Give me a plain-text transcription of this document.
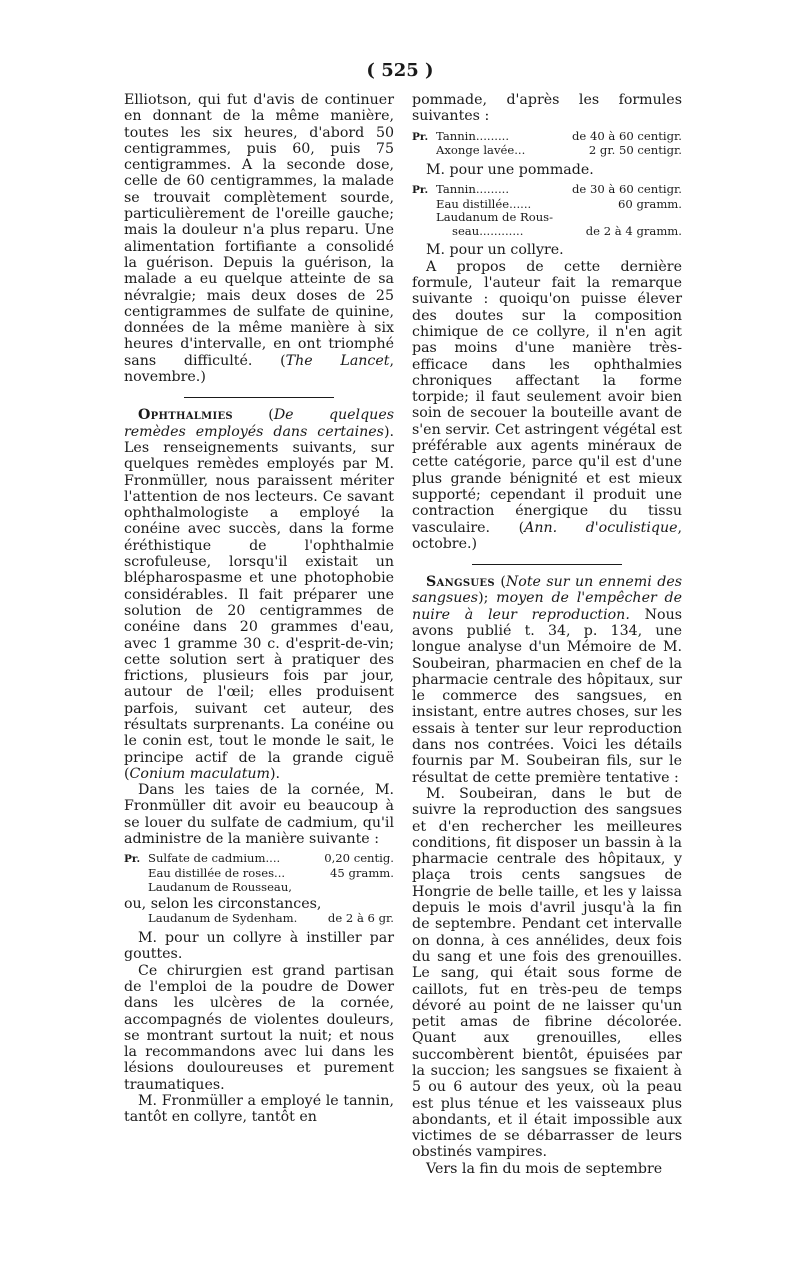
( 525 )

Elliotson, qui fut d'avis de continuer en donnant de la même manière, toutes les six heures, d'abord 50 centigrammes, puis 60, puis 75 centigrammes. A la seconde dose, celle de 60 centigrammes, la malade se trouvait complètement sourde, particulièrement de l'oreille gauche; mais la douleur n'a plus reparu. Une alimentation fortifiante a consolidé la guérison. Depuis la guérison, la malade a eu quelque atteinte de sa névralgie; mais deux doses de 25 centigrammes de sulfate de quinine, données de la même manière à six heures d'intervalle, en ont triomphé sans difficulté. (The Lancet, novembre.)

Ophthalmies (De quelques remèdes employés dans certaines). Les renseignements suivants, sur quelques remèdes employés par M. Fronmüller, nous paraissent mériter l'attention de nos lecteurs. Ce savant ophthalmologiste a employé la conéine avec succès, dans la forme éréthistique de l'ophthalmie scrofuleuse, lorsqu'il existait un blépharospasme et une photophobie considérables. Il fait préparer une solution de 20 centigrammes de conéine dans 20 grammes d'eau, avec 1 gramme 30 c. d'esprit-de-vin; cette solution sert à pratiquer des frictions, plusieurs fois par jour, autour de l'œil; elles produisent parfois, suivant cet auteur, des résultats surprenants. La conéine ou le conin est, tout le monde le sait, le principe actif de la grande ciguë (Conium maculatum).

Dans les taies de la cornée, M. Fronmüller dit avoir eu beaucoup à se louer du sulfate de cadmium, qu'il administre de la manière suivante :

Pr. Sulfate de cadmium....	0,20 centig.
Eau distillée de roses...	45 gramm.
Laudanum de Rousseau,
ou, selon les circonstances,
Laudanum de Sydenham.	de 2 à 6 gr.

M. pour un collyre à instiller par gouttes.

Ce chirurgien est grand partisan de l'emploi de la poudre de Dower dans les ulcères de la cornée, accompagnés de violentes douleurs, se montrant surtout la nuit; et nous la recommandons avec lui dans les lésions douloureuses et purement traumatiques.

M. Fronmüller a employé le tannin, tantôt en collyre, tantôt en

pommade, d'après les formules suivantes :

Pr. Tannin.........	de 40 à 60 centigr.
Axonge lavée...	2 gr. 50 centigr.

M. pour une pommade.

Pr. Tannin.........	de 30 à 60 centigr.
Eau distillée......	60 gramm.
Laudanum de Rous-
seau............	de 2 à 4 gramm.

M. pour un collyre.

A propos de cette dernière formule, l'auteur fait la remarque suivante : quoiqu'on puisse élever des doutes sur la composition chimique de ce collyre, il n'en agit pas moins d'une manière très-efficace dans les ophthalmies chroniques affectant la forme torpide; il faut seulement avoir bien soin de secouer la bouteille avant de s'en servir. Cet astringent végétal est préférable aux agents minéraux de cette catégorie, parce qu'il est d'une plus grande bénignité et est mieux supporté; cependant il produit une contraction énergique du tissu vasculaire. (Ann. d'oculistique, octobre.)

Sangsues (Note sur un ennemi des sangsues); moyen de l'empêcher de nuire à leur reproduction. Nous avons publié t. 34, p. 134, une longue analyse d'un Mémoire de M. Soubeiran, pharmacien en chef de la pharmacie centrale des hôpitaux, sur le commerce des sangsues, en insistant, entre autres choses, sur les essais à tenter sur leur reproduction dans nos contrées. Voici les détails fournis par M. Soubeiran fils, sur le résultat de cette première tentative :

M. Soubeiran, dans le but de suivre la reproduction des sangsues et d'en rechercher les meilleures conditions, fit disposer un bassin à la pharmacie centrale des hôpitaux, y plaça trois cents sangsues de Hongrie de belle taille, et les y laissa depuis le mois d'avril jusqu'à la fin de septembre. Pendant cet intervalle on donna, à ces annélides, deux fois du sang et une fois des grenouilles. Le sang, qui était sous forme de caillots, fut en très-peu de temps dévoré au point de ne laisser qu'un petit amas de fibrine décolorée. Quant aux grenouilles, elles succombèrent bientôt, épuisées par la succion; les sangsues se fixaient à 5 ou 6 autour des yeux, où la peau est plus ténue et les vaisseaux plus abondants, et il était impossible aux victimes de se débarrasser de leurs obstinés vampires.

Vers la fin du mois de septembre
